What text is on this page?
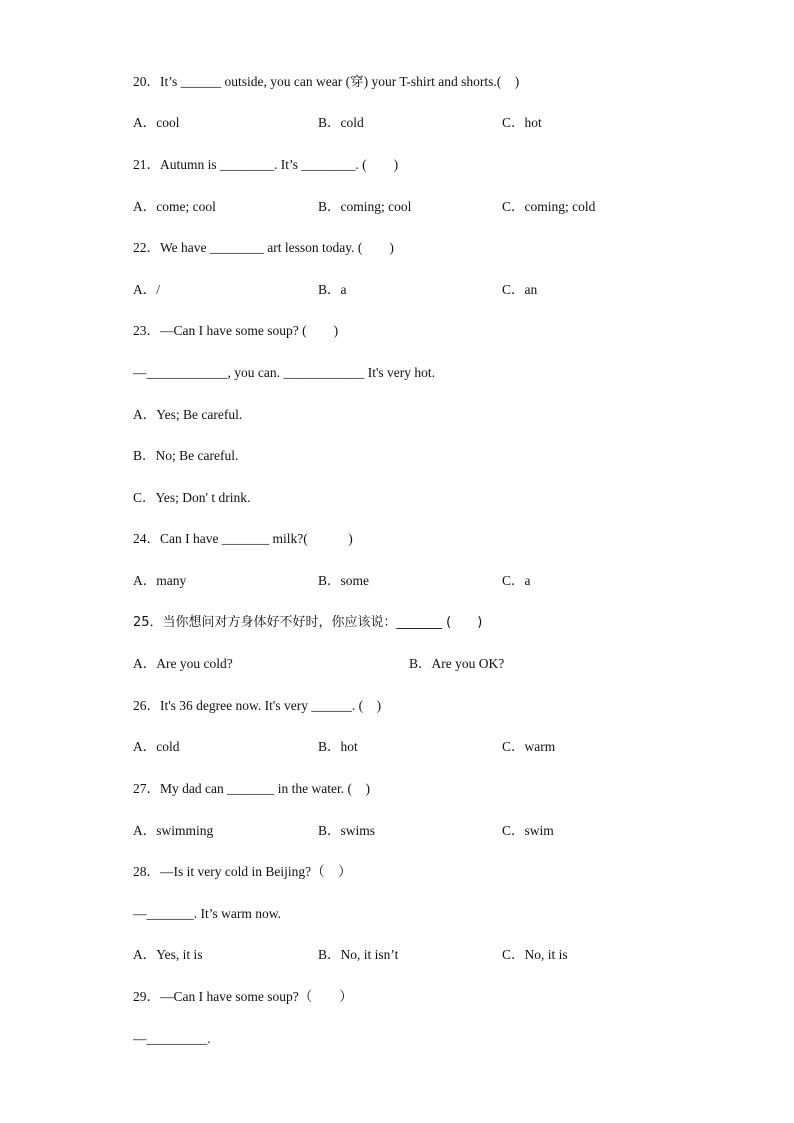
20．It’s ______ outside, you can wear (穿) your T-shirt and shorts.(　)
A．cool	B．cold	C．hot
21．Autumn is ________. It’s ________. (　　)
A．come; cool	B．coming; cool	C．coming; cold
22．We have ________ art lesson today. (　　)
A．/	B．a	C．an
23．—Can I have some soup? (　　)
—____________, you can. ____________ It's very hot.
A．Yes; Be careful.
B．No; Be careful.
C．Yes; Don' t drink.
24．Can I have _______ milk?(　　　)
A．many	B．some	C．a
25．当你想问对方身体好不好时，你应该说：_______ (　　)
A．Are you cold?	B．Are you OK?
26．It's 36 degree now. It's very ______. (　)
A．cold	B．hot	C．warm
27．My dad can _______ in the water. (　)
A．swimming	B．swims	C．swim
28．—Is it very cold in Beijing?（　）
—_______. It’s warm now.
A．Yes, it is	B．No, it isn’t	C．No, it is
29．—Can I have some soup?（　　）
—_________.
